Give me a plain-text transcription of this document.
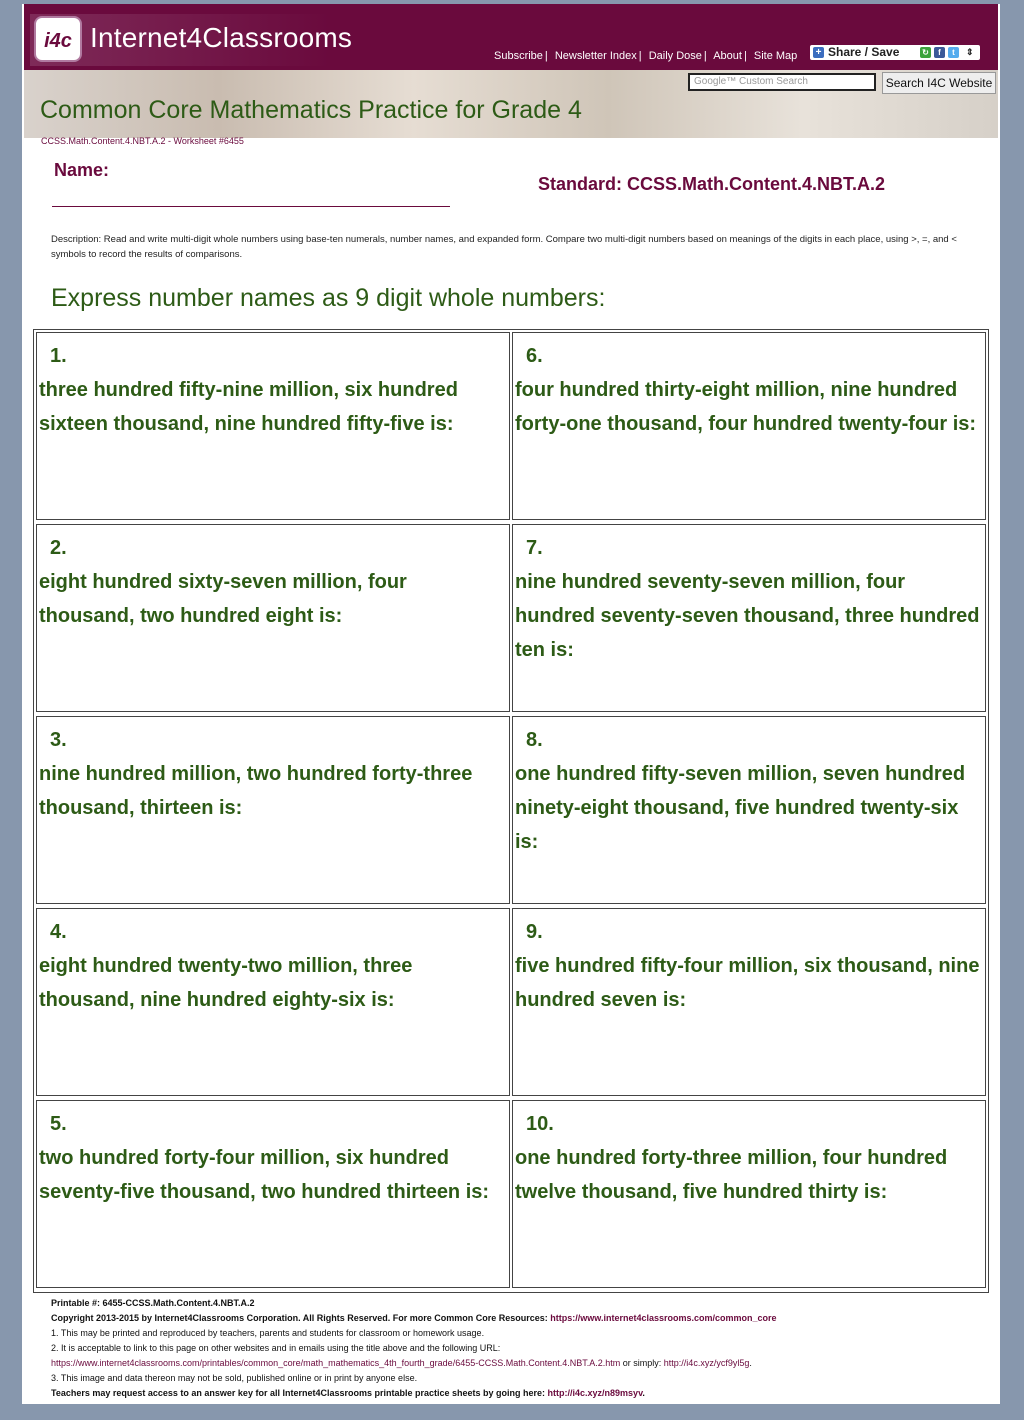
i4c Internet4Classrooms
Subscribe | Newsletter Index | Daily Dose | About | Site Map + Share / Save	↻	f	t	⇕
Google™ Custom Search	Search I4C Website
Common Core Mathematics Practice for Grade 4
CCSS.Math.Content.4.NBT.A.2 - Worksheet #6455
Name:
Standard: CCSS.Math.Content.4.NBT.A.2
Description: Read and write multi-digit whole numbers using base-ten numerals, number names, and expanded form. Compare two multi-digit numbers based on meanings of the digits in each place, using >, =, and < symbols to record the results of comparisons.
Express number names as 9 digit whole numbers:
1.
three hundred fifty-nine million, six hundred sixteen thousand, nine hundred fifty-five is:
2.
eight hundred sixty-seven million, four thousand, two hundred eight is:
3.
nine hundred million, two hundred forty-three thousand, thirteen is:
4.
eight hundred twenty-two million, three thousand, nine hundred eighty-six is:
5.
two hundred forty-four million, six hundred seventy-five thousand, two hundred thirteen is:
6.
four hundred thirty-eight million, nine hundred forty-one thousand, four hundred twenty-four is:
7.
nine hundred seventy-seven million, four hundred seventy-seven thousand, three hundred ten is:
8.
one hundred fifty-seven million, seven hundred ninety-eight thousand, five hundred twenty-six is:
9.
five hundred fifty-four million, six thousand, nine hundred seven is:
10.
one hundred forty-three million, four hundred twelve thousand, five hundred thirty is:
Printable #: 6455-CCSS.Math.Content.4.NBT.A.2
Copyright 2013-2015 by Internet4Classrooms Corporation. All Rights Reserved. For more Common Core Resources: https://www.internet4classrooms.com/common_core
1. This may be printed and reproduced by teachers, parents and students for classroom or homework usage.
2. It is acceptable to link to this page on other websites and in emails using the title above and the following URL:
https://www.internet4classrooms.com/printables/common_core/math_mathematics_4th_fourth_grade/6455-CCSS.Math.Content.4.NBT.A.2.htm or simply: http://i4c.xyz/ycf9yl5g.
3. This image and data thereon may not be sold, published online or in print by anyone else.
Teachers may request access to an answer key for all Internet4Classrooms printable practice sheets by going here: http://i4c.xyz/n89msyv.
